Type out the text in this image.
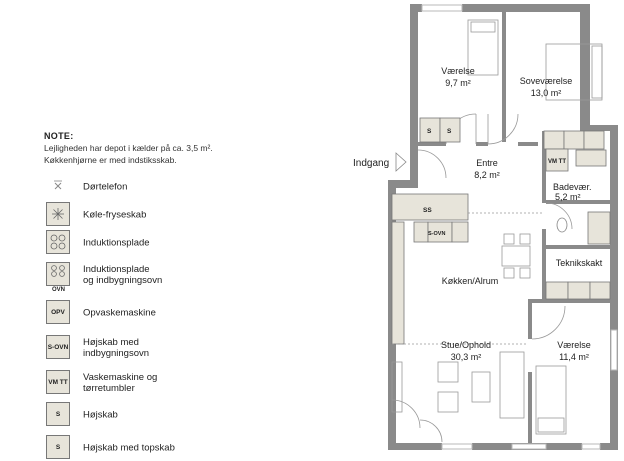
NOTE:
Lejligheden har depot i kælder på ca. 3,5 m².
Køkkenhjørne er med indstiksskab.
Dørtelefon
Køle-fryseskab
Induktionsplade
OVN
Induktionsplade
og indbygningsovn
OPV	Opvaskemaskine
S-OVN Højskab med
indbygningsovn
VM TT Vaskemaskine og
tørretumbler
S	Højskab
S	Højskab med topskab
Indgang
S S
VM TT
Badevær.
5,2 m²
SS
S-OVN
Værelse
9,7 m²	Soveværelse
13,0 m²
Entre
8,2 m²
Teknikskakt
Køkken/Alrum
Stue/Ophold
30,3 m²
Værelse
11,4 m²
